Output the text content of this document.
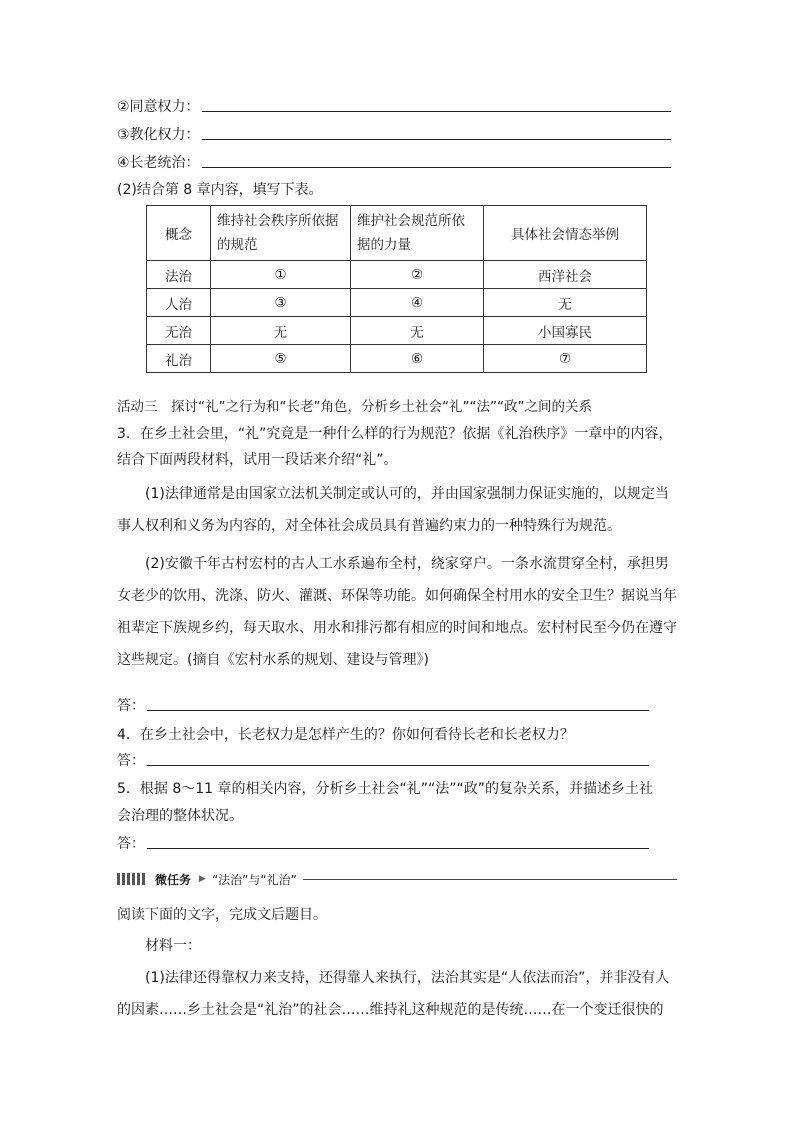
②同意权力：
③教化权力：
④长老统治：
(2)结合第 8 章内容，填写下表。
概念	维持社会秩序所依据的规范	维护社会规范所依据的力量	具体社会情态举例
法治	①	②	西洋社会
人治	③	④	无
无治	无	无	小国寡民
礼治	⑤	⑥	⑦
活动三　探讨“礼”之行为和“长老”角色，分析乡土社会“礼”“法”“政”之间的关系
3．在乡土社会里，“礼”究竟是一种什么样的行为规范？依据《礼治秩序》一章中的内容，
结合下面两段材料，试用一段话来介绍“礼”。
(1)法律通常是由国家立法机关制定或认可的，并由国家强制力保证实施的，以规定当事人权利和义务为内容的，对全体社会成员具有普遍约束力的一种特殊行为规范。
(2)安徽千年古村宏村的古人工水系遍布全村，绕家穿户。一条水流贯穿全村，承担男女老少的饮用、洗涤、防火、灌溉、环保等功能。如何确保全村用水的安全卫生？据说当年祖辈定下族规乡约，每天取水、用水和排污都有相应的时间和地点。宏村村民至今仍在遵守这些规定。(摘自《宏村水系的规划、建设与管理》)
答：
4．在乡土社会中，长老权力是怎样产生的？你如何看待长老和长老权力？
答：
5．根据 8～11 章的相关内容，分析乡土社会“礼”“法”“政”的复杂关系，并描述乡土社
会治理的整体状况。
答：
微任务 ▶ “法治”与“礼治”
阅读下面的文字，完成文后题目。
材料一：
(1)法律还得靠权力来支持，还得靠人来执行，法治其实是“人依法而治”，并非没有人的因素……乡土社会是“礼治”的社会……维持礼这种规范的是传统……在一个变迁很快的
